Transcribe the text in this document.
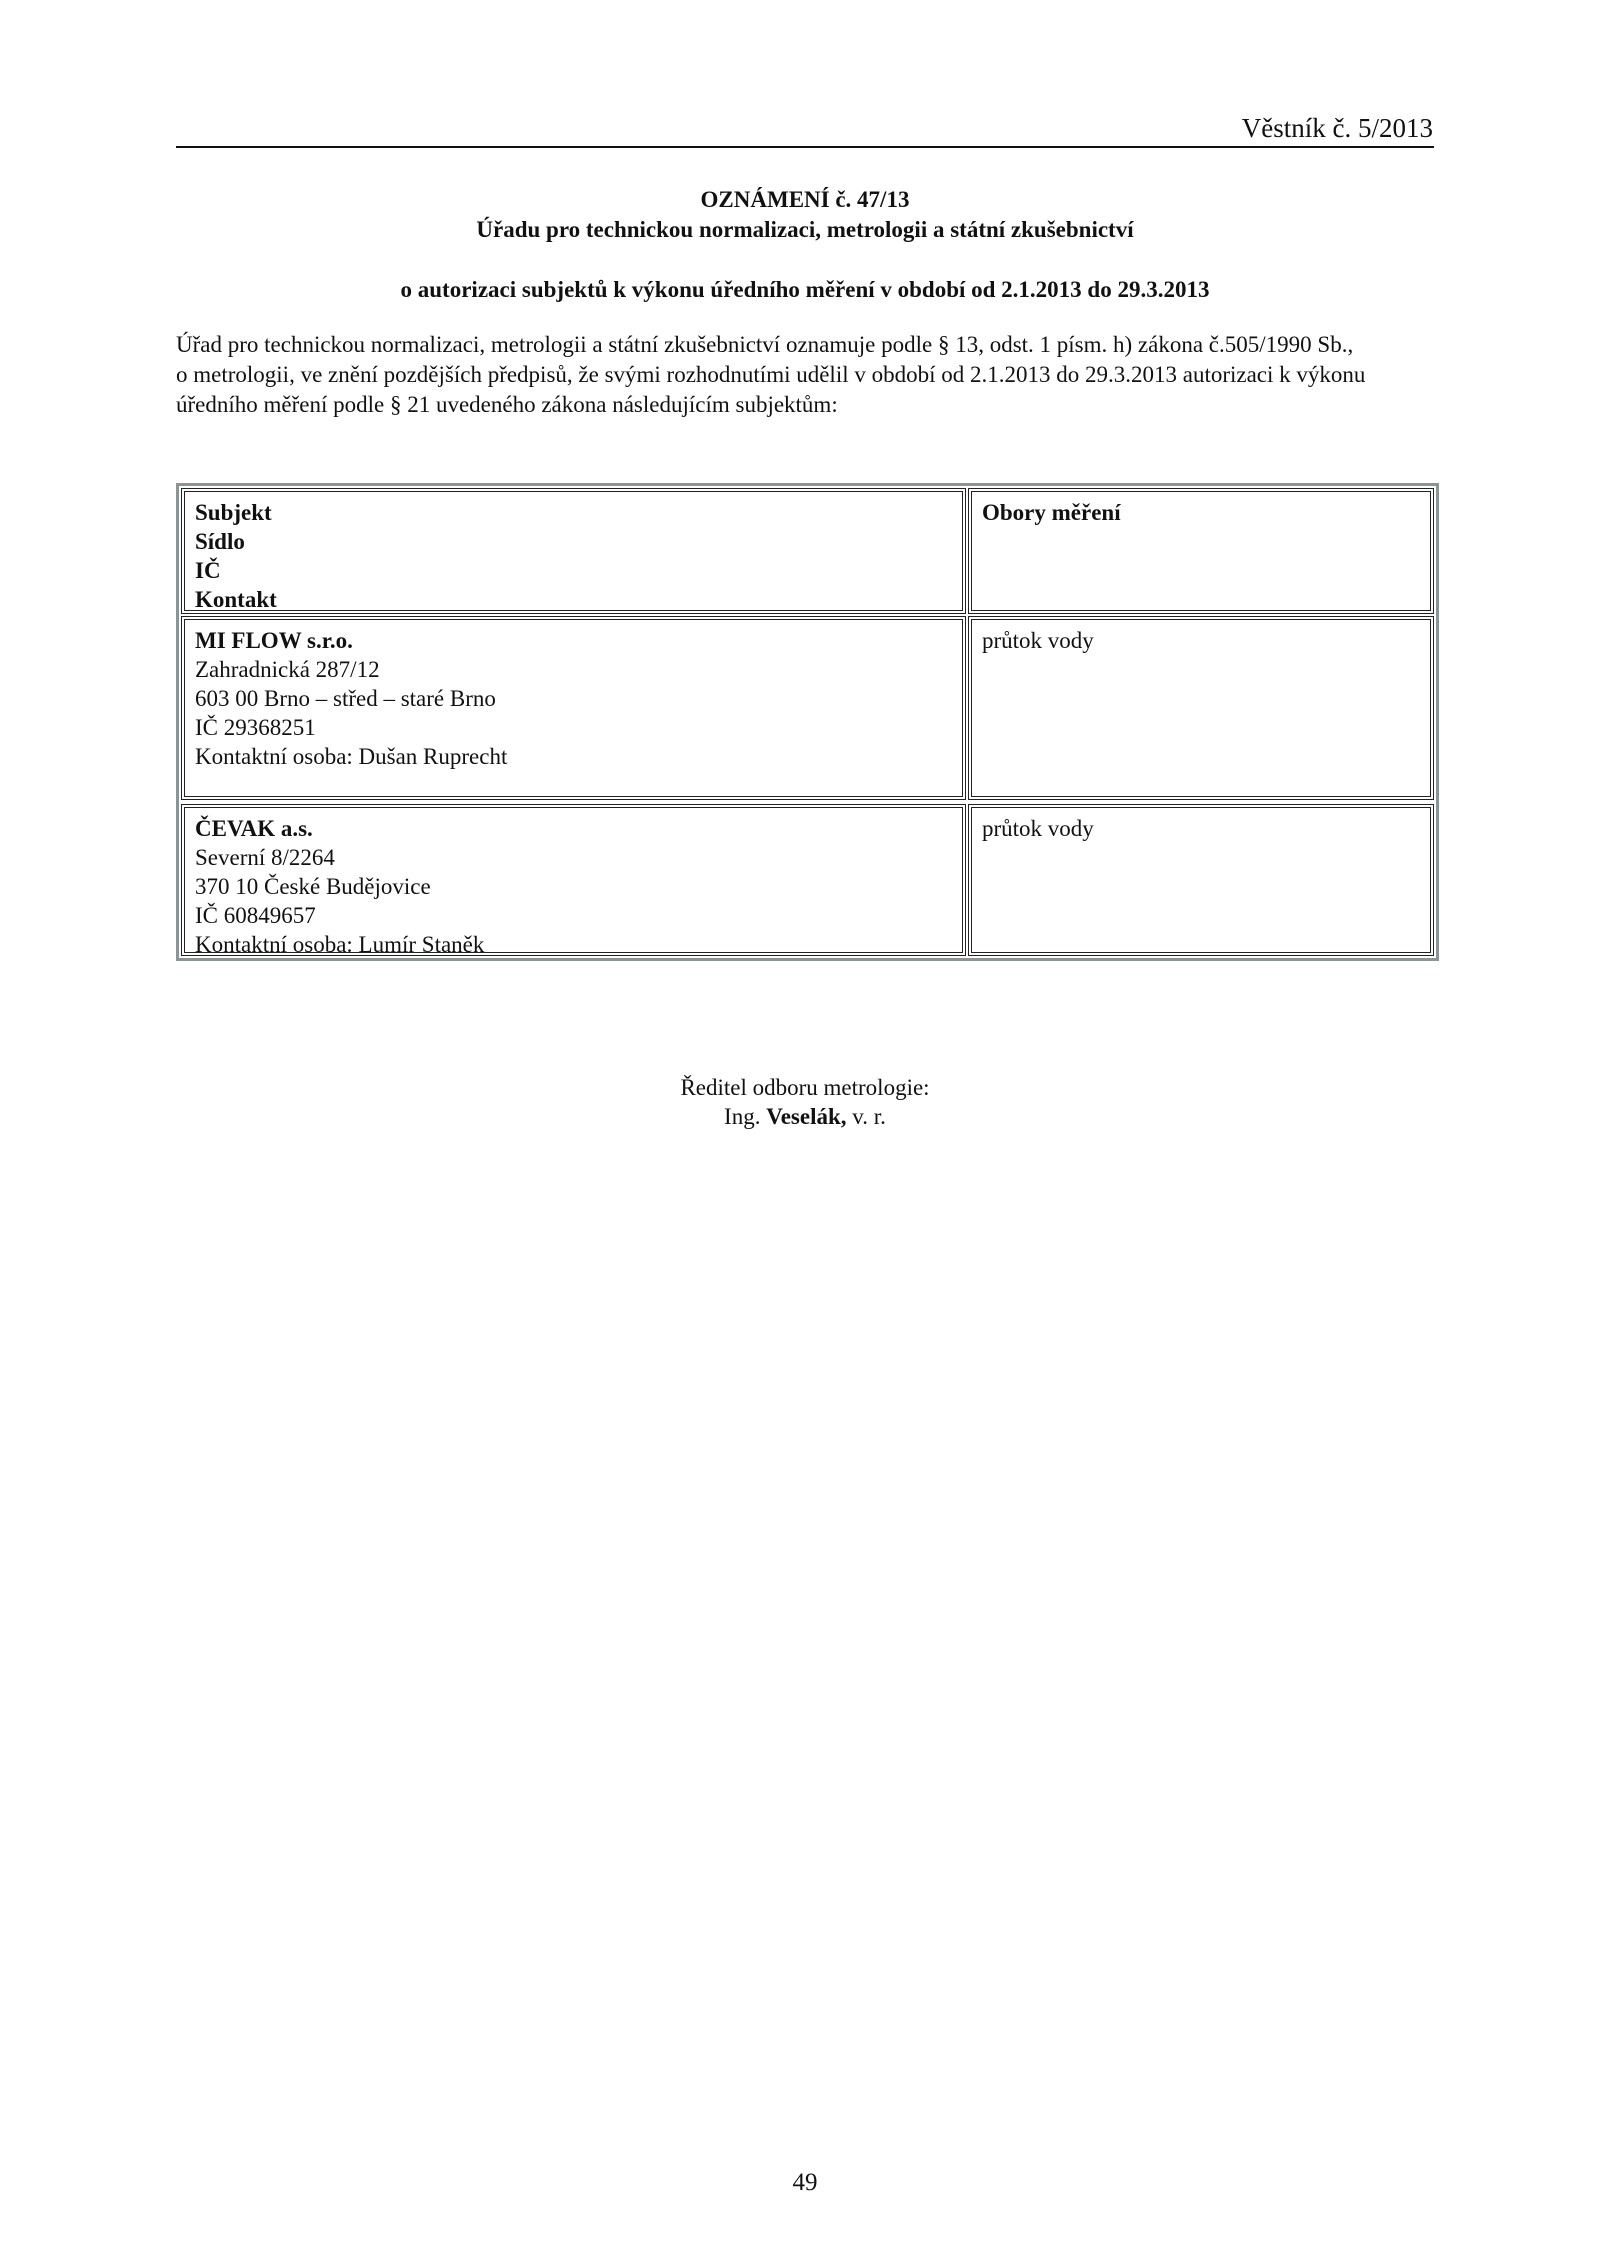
Věstník č. 5/2013
OZNÁMENÍ č. 47/13
Úřadu pro technickou normalizaci, metrologii a státní zkušebnictví
o autorizaci subjektů k výkonu úředního měření v období od 2.1.2013 do 29.3.2013

Úřad pro technickou normalizaci, metrologii a státní zkušebnictví oznamuje podle § 13, odst. 1 písm. h) zákona č.505/1990 Sb.,
o metrologii, ve znění pozdějších předpisů, že svými rozhodnutími udělil v období od 2.1.2013 do 29.3.2013 autorizaci k výkonu
úředního měření podle § 21 uvedeného zákona následujícím subjektům:

Subjekt
Sídlo
IČ
Kontakt
Obory měření
MI FLOW s.r.o.
Zahradnická 287/12
603 00 Brno – střed – staré Brno
IČ 29368251
Kontaktní osoba: Dušan Ruprecht
průtok vody
ČEVAK a.s.
Severní 8/2264
370 10 České Budějovice
IČ 60849657
Kontaktní osoba: Lumír Staněk
průtok vody
Ředitel odboru metrologie:
Ing. Veselák, v. r.
49
